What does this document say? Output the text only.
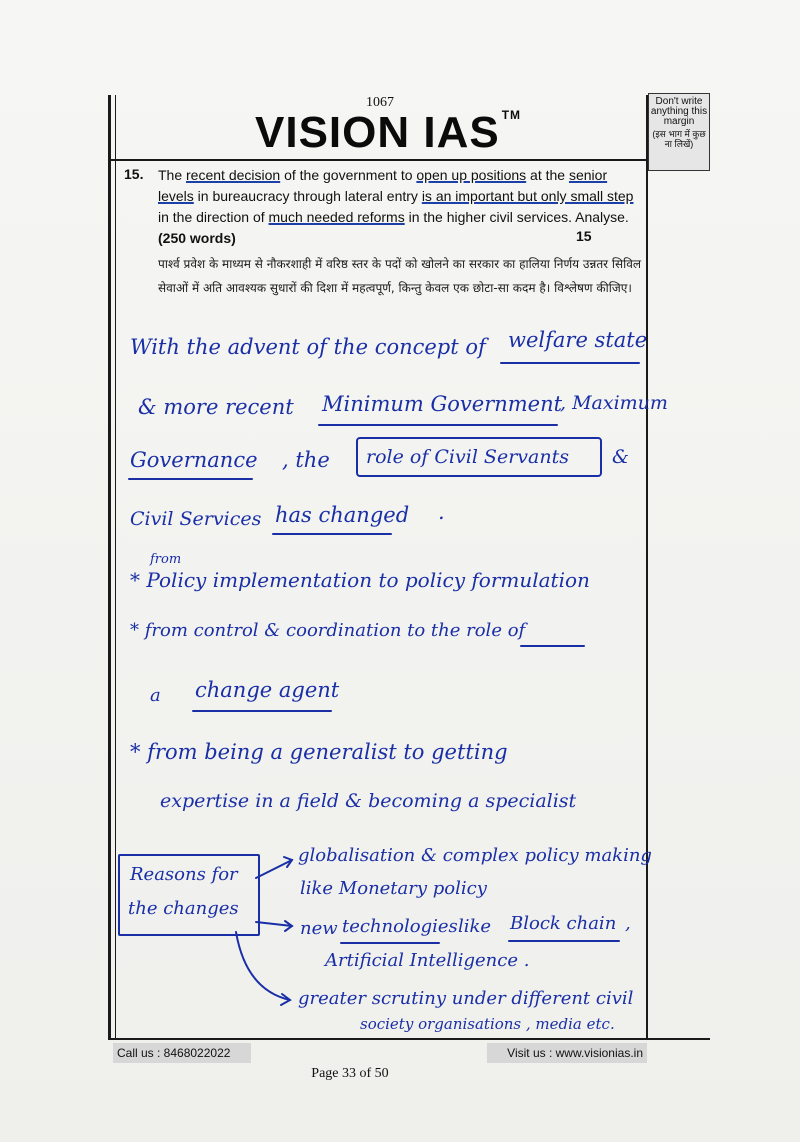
1067
VISION IAS ™
Don't write anything this margin
(इस भाग में कुछ ना लिखें)
15. The recent decision of the government to open up positions at the senior levels in bureaucracy through lateral entry is an important but only small step in the direction of much needed reforms in the higher civil services. Analyse. (250 words)	15
पार्श्व प्रवेश के माध्यम से नौकरशाही में वरिष्ठ स्तर के पदों को खोलने का सरकार का हालिया निर्णय उन्नतर सिविल सेवाओं में अति आवश्यक सुधारों की दिशा में महत्वपूर्ण, किन्तु केवल एक छोटा-सा कदम है। विश्लेषण कीजिए।
With the advent of the concept of welfare state
& more recent Minimum Government
, Maximum
Governance , the role of Civil Servants &
Civil Services has changed .
from
* Policy implementation to policy formulation
* from control & coordination to the role of
a change agent
* from being a generalist to getting
expertise in a field & becoming a specialist
Reasons for
the changes
globalisation & complex policy making
like Monetary policy
new technologies like Block chain ,
Artificial Intelligence .
greater scrutiny under different civil
society organisations , media etc.
Call us : 8468022022	Visit us : www.visionias.in
Page 33 of 50
